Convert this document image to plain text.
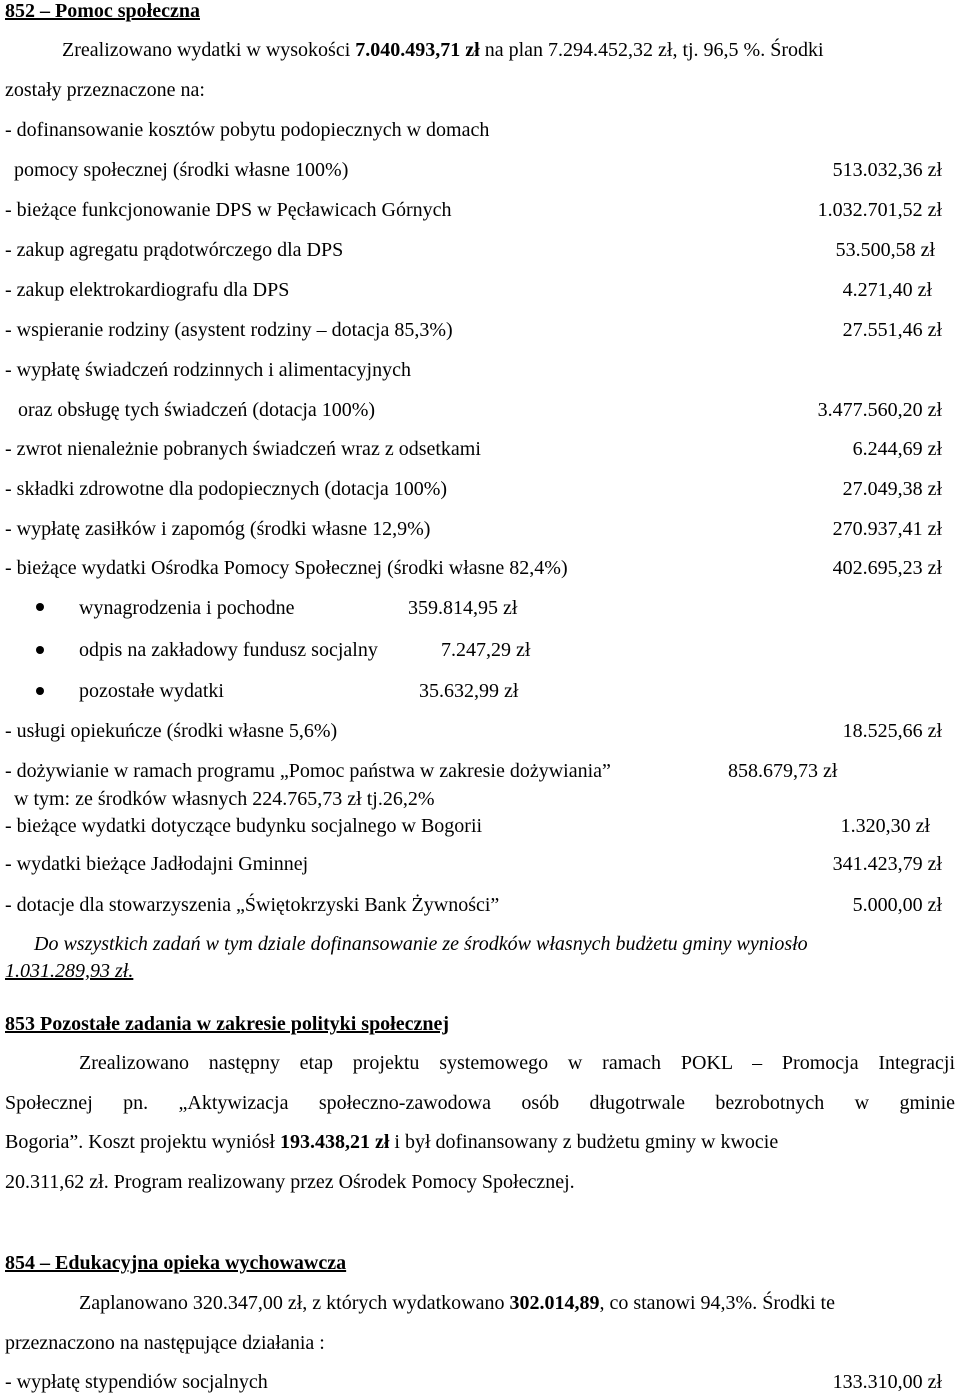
852 – Pomoc społeczna
Zrealizowano wydatki w wysokości 7.040.493,71 zł na plan 7.294.452,32 zł, tj. 96,5 %. Środki
zostały przeznaczone na:
- dofinansowanie kosztów pobytu podopiecznych w domach
pomocy społecznej (środki własne 100%)	513.032,36 zł
- bieżące funkcjonowanie DPS w Pęcławicach Górnych	1.032.701,52 zł
- zakup agregatu prądotwórczego dla DPS	53.500,58 zł
- zakup elektrokardiografu dla DPS	4.271,40 zł
- wspieranie rodziny (asystent rodziny – dotacja 85,3%)	27.551,46 zł
- wypłatę świadczeń rodzinnych i alimentacyjnych
oraz obsługę tych świadczeń (dotacja 100%)	3.477.560,20 zł
- zwrot nienależnie pobranych świadczeń wraz z odsetkami	6.244,69 zł
- składki zdrowotne dla podopiecznych (dotacja 100%)	27.049,38 zł
- wypłatę zasiłków i zapomóg (środki własne 12,9%)	270.937,41 zł
- bieżące wydatki Ośrodka Pomocy Społecznej (środki własne 82,4%)	402.695,23 zł
wynagrodzenia i pochodne	359.814,95 zł
odpis na zakładowy fundusz socjalny	7.247,29 zł
pozostałe wydatki	35.632,99 zł
- usługi opiekuńcze (środki własne 5,6%)	18.525,66 zł
- dożywianie w ramach programu „Pomoc państwa w zakresie dożywiania”	858.679,73 zł
w tym: ze środków własnych 224.765,73 zł tj.26,2%
- bieżące wydatki dotyczące budynku socjalnego w Bogorii	1.320,30 zł
- wydatki bieżące Jadłodajni Gminnej	341.423,79 zł
- dotacje dla stowarzyszenia „Świętokrzyski Bank Żywności”	5.000,00 zł
Do wszystkich zadań w tym dziale dofinansowanie ze środków własnych budżetu gminy wyniosło
1.031.289,93 zł.
853 Pozostałe zadania w zakresie polityki społecznej
Zrealizowano następny etap projektu systemowego w ramach POKL – Promocja Integracji
Społecznej pn. „Aktywizacja społeczno-zawodowa osób długotrwale bezrobotnych w gminie
Bogoria”. Koszt projektu wyniósł 193.438,21 zł i był dofinansowany z budżetu gminy w kwocie
20.311,62 zł. Program realizowany przez Ośrodek Pomocy Społecznej.
854 – Edukacyjna opieka wychowawcza
Zaplanowano 320.347,00 zł, z których wydatkowano 302.014,89, co stanowi 94,3%. Środki te
przeznaczono na następujące działania :
- wypłatę stypendiów socjalnych	133.310,00 zł
